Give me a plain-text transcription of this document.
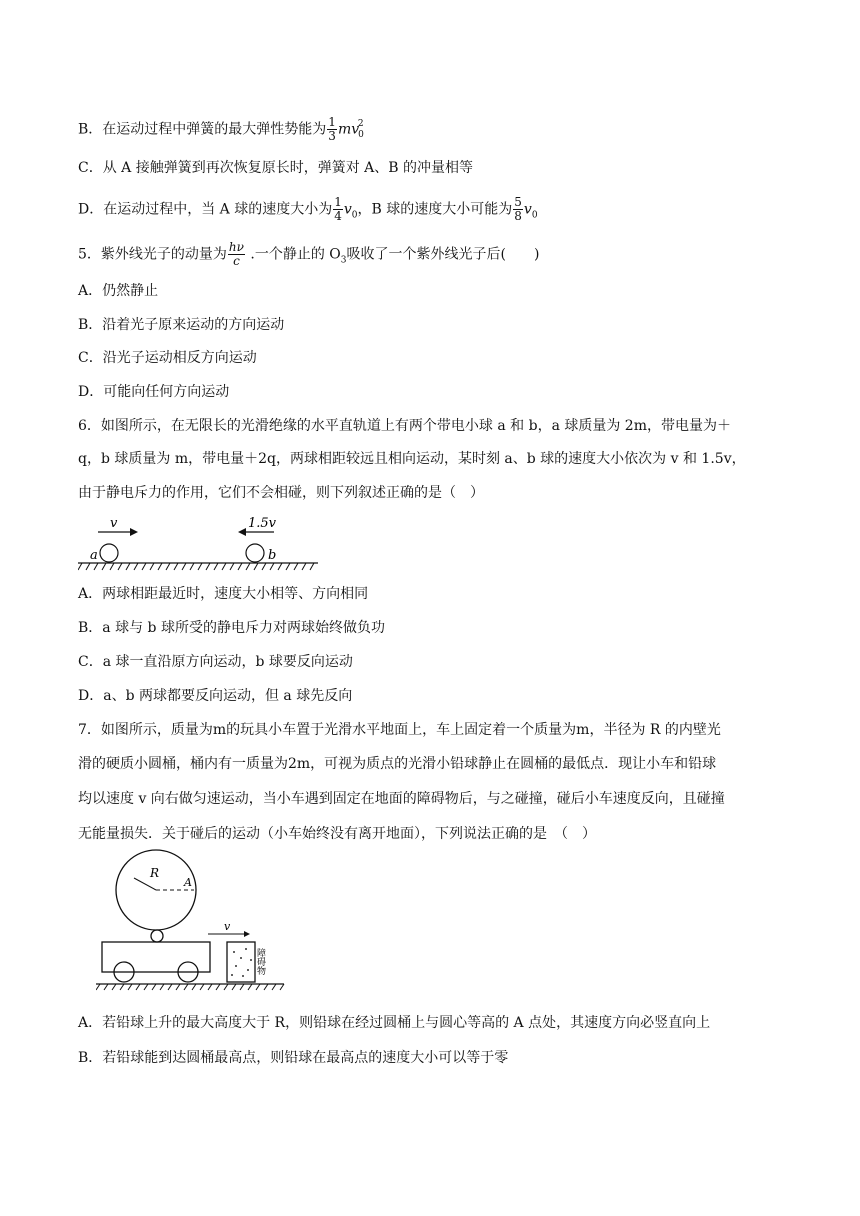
B．在运动过程中弹簧的最大弹性势能为 $\frac{1}{3} mv_0^2$
C．从 A 接触弹簧到再次恢复原长时，弹簧对 A、B 的冲量相等
D．在运动过程中，当 A 球的速度大小为 $\frac{1}{4} v_0$，B 球的速度大小可能为 $\frac{5}{8} v_0$
5．紫外线光子的动量为 $\frac{h\nu}{c}$ .一个静止的 $O_3$吸收了一个紫外线光子后(　　)
A．仍然静止
B．沿着光子原来运动的方向运动
C．沿光子运动相反方向运动
D．可能向任何方向运动
6．如图所示，在无限长的光滑绝缘的水平直轨道上有两个带电小球 a 和 b，a 球质量为 2m，带电量为＋
q，b 球质量为 m，带电量＋2q，两球相距较远且相向运动，某时刻 a、b 球的速度大小依次为 v 和 1.5v，
由于静电斥力的作用，它们不会相碰，则下列叙述正确的是（　）
v	1.5v
a	b
A．两球相距最近时，速度大小相等、方向相同
B．a 球与 b 球所受的静电斥力对两球始终做负功
C．a 球一直沿原方向运动，b 球要反向运动
D．a、b 两球都要反向运动，但 a 球先反向
7．如图所示，质量为m的玩具小车置于光滑水平地面上，车上固定着一个质量为m，半径为 R 的内壁光
滑的硬质小圆桶，桶内有一质量为2m，可视为质点的光滑小铅球静止在圆桶的最低点．现让小车和铅球
均以速度 v 向右做匀速运动，当小车遇到固定在地面的障碍物后，与之碰撞，碰后小车速度反向，且碰撞
无能量损失．关于碰后的运动（小车始终没有离开地面），下列说法正确的是　（　）
R
A
v
障碍物
A．若铅球上升的最大高度大于 R，则铅球在经过圆桶上与圆心等高的 A 点处，其速度方向必竖直向上
B．若铅球能到达圆桶最高点，则铅球在最高点的速度大小可以等于零
